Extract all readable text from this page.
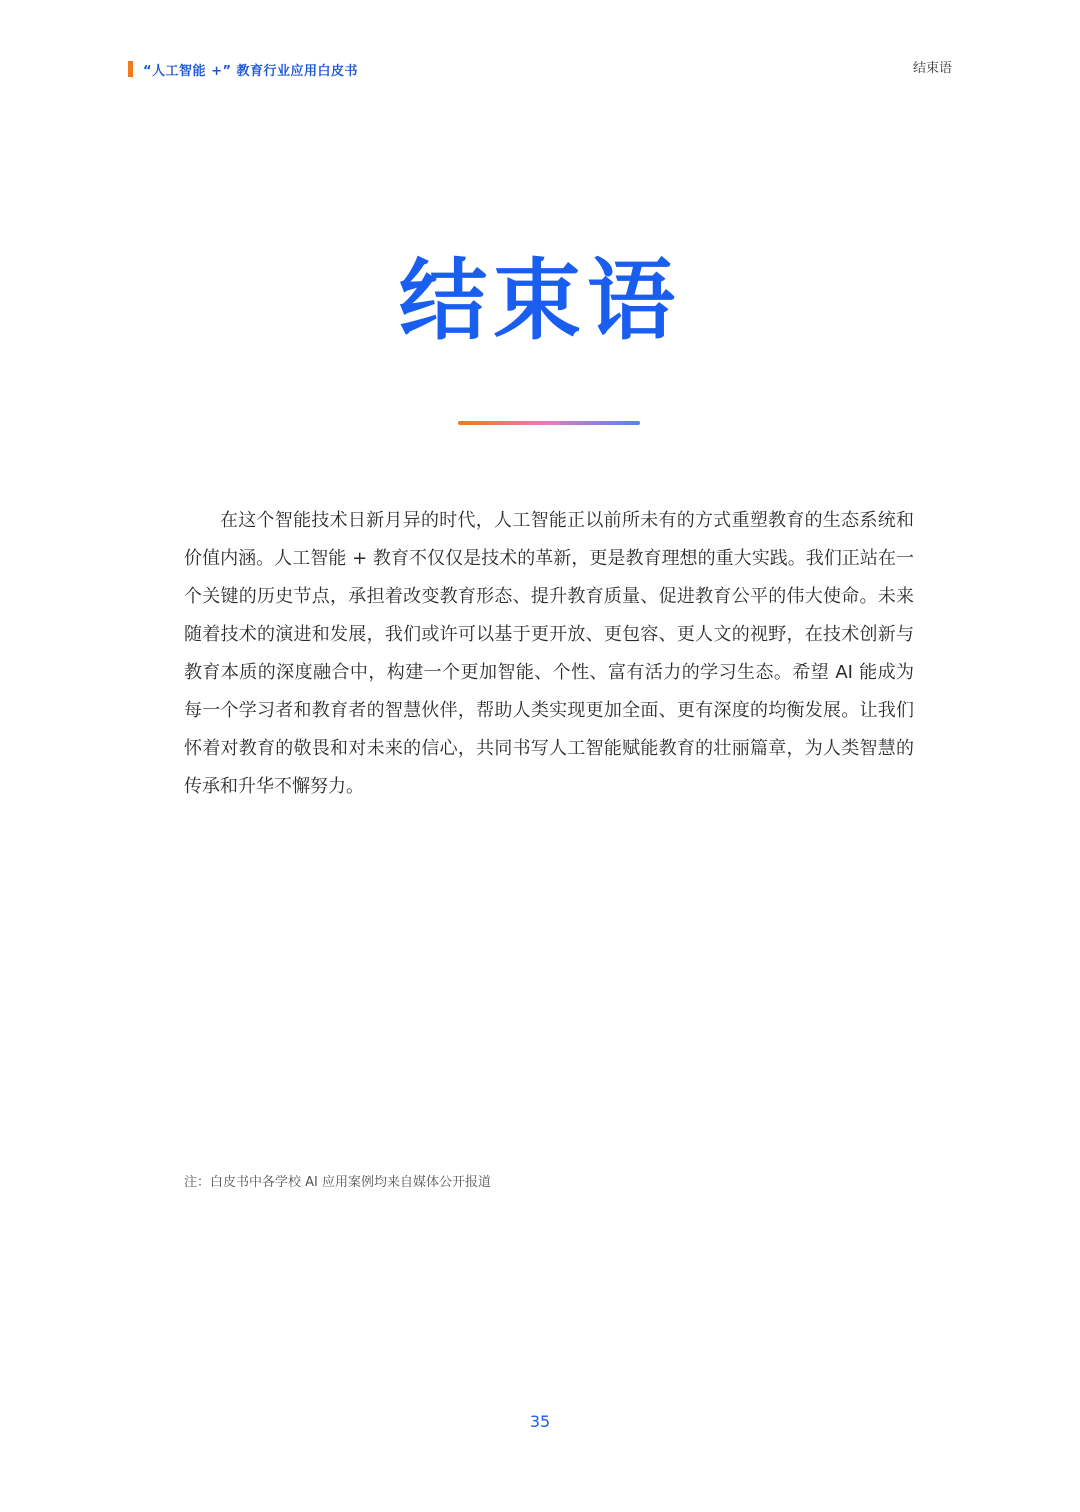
“人工智能 +” 教育行业应用白皮书	结束语
结束语

在这个智能技术日新月异的时代，人工智能正以前所未有的方式重塑教育的生态系统和价值内涵。人工智能 + 教育不仅仅是技术的革新，更是教育理想的重大实践。我们正站在一个关键的历史节点，承担着改变教育形态、提升教育质量、促进教育公平的伟大使命。未来随着技术的演进和发展，我们或许可以基于更开放、更包容、更人文的视野，在技术创新与教育本质的深度融合中，构建一个更加智能、个性、富有活力的学习生态。希望 AI 能成为每一个学习者和教育者的智慧伙伴，帮助人类实现更加全面、更有深度的均衡发展。让我们怀着对教育的敬畏和对未来的信心，共同书写人工智能赋能教育的壮丽篇章，为人类智慧的传承和升华不懈努力。

注：白皮书中各学校 AI 应用案例均来自媒体公开报道
35
